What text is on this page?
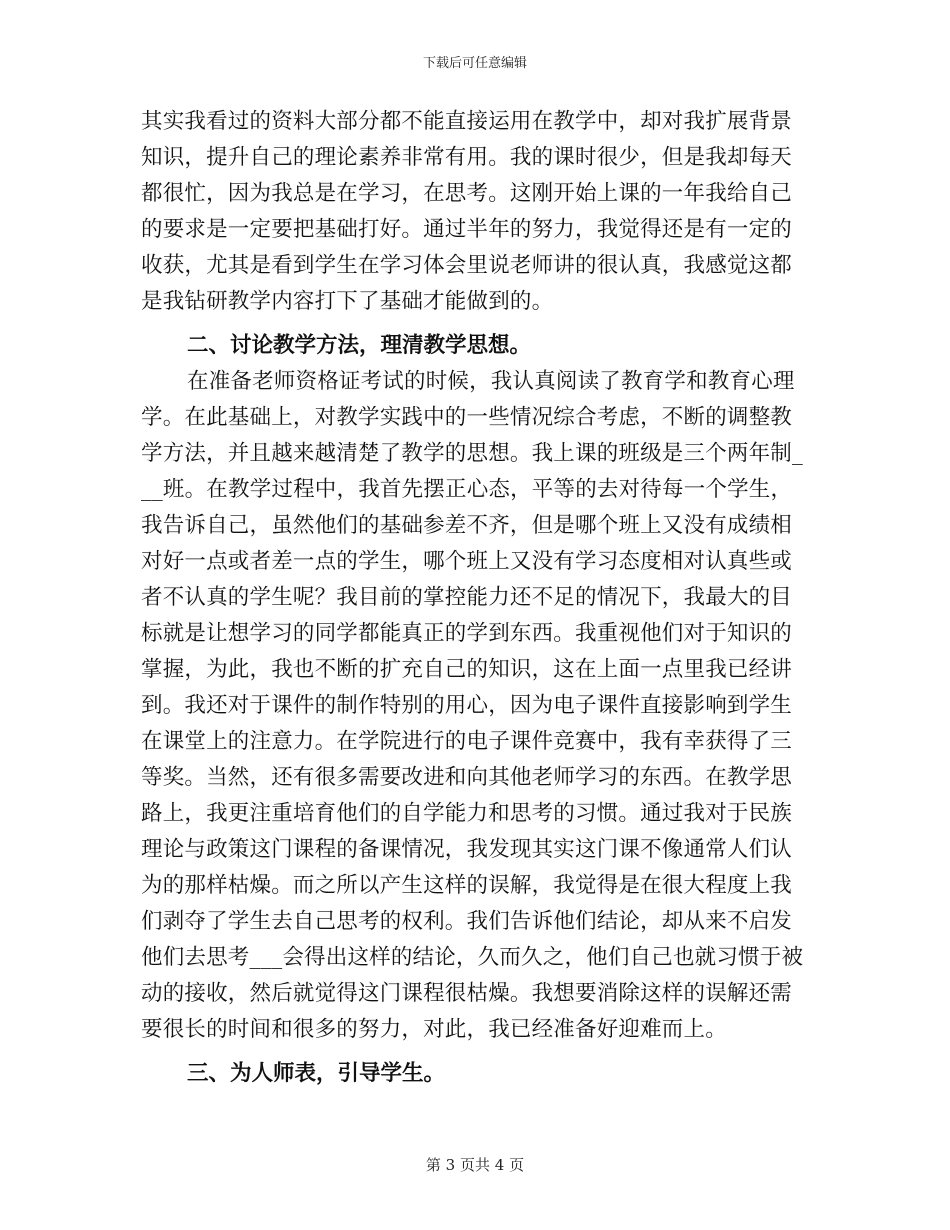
下载后可任意编辑
其实我看过的资料大部分都不能直接运用在教学中，却对我扩展背景
知识，提升自己的理论素养非常有用。我的课时很少，但是我却每天
都很忙，因为我总是在学习，在思考。这刚开始上课的一年我给自己
的要求是一定要把基础打好。通过半年的努力，我觉得还是有一定的
收获，尤其是看到学生在学习体会里说老师讲的很认真，我感觉这都
是我钻研教学内容打下了基础才能做到的。
二、讨论教学方法，理清教学思想。
在准备老师资格证考试的时候，我认真阅读了教育学和教育心理
学。在此基础上，对教学实践中的一些情况综合考虑，不断的调整教
学方法，并且越来越清楚了教学的思想。我上课的班级是三个两年制_
__班。在教学过程中，我首先摆正心态，平等的去对待每一个学生，
我告诉自己，虽然他们的基础参差不齐，但是哪个班上又没有成绩相
对好一点或者差一点的学生，哪个班上又没有学习态度相对认真些或
者不认真的学生呢？我目前的掌控能力还不足的情况下，我最大的目
标就是让想学习的同学都能真正的学到东西。我重视他们对于知识的
掌握，为此，我也不断的扩充自己的知识，这在上面一点里我已经讲
到。我还对于课件的制作特别的用心，因为电子课件直接影响到学生
在课堂上的注意力。在学院进行的电子课件竞赛中，我有幸获得了三
等奖。当然，还有很多需要改进和向其他老师学习的东西。在教学思
路上，我更注重培育他们的自学能力和思考的习惯。通过我对于民族
理论与政策这门课程的备课情况，我发现其实这门课不像通常人们认
为的那样枯燥。而之所以产生这样的误解，我觉得是在很大程度上我
们剥夺了学生去自己思考的权利。我们告诉他们结论，却从来不启发
他们去思考___会得出这样的结论，久而久之，他们自己也就习惯于被
动的接收，然后就觉得这门课程很枯燥。我想要消除这样的误解还需
要很长的时间和很多的努力，对此，我已经准备好迎难而上。
三、为人师表，引导学生。
第 3 页共 4 页
